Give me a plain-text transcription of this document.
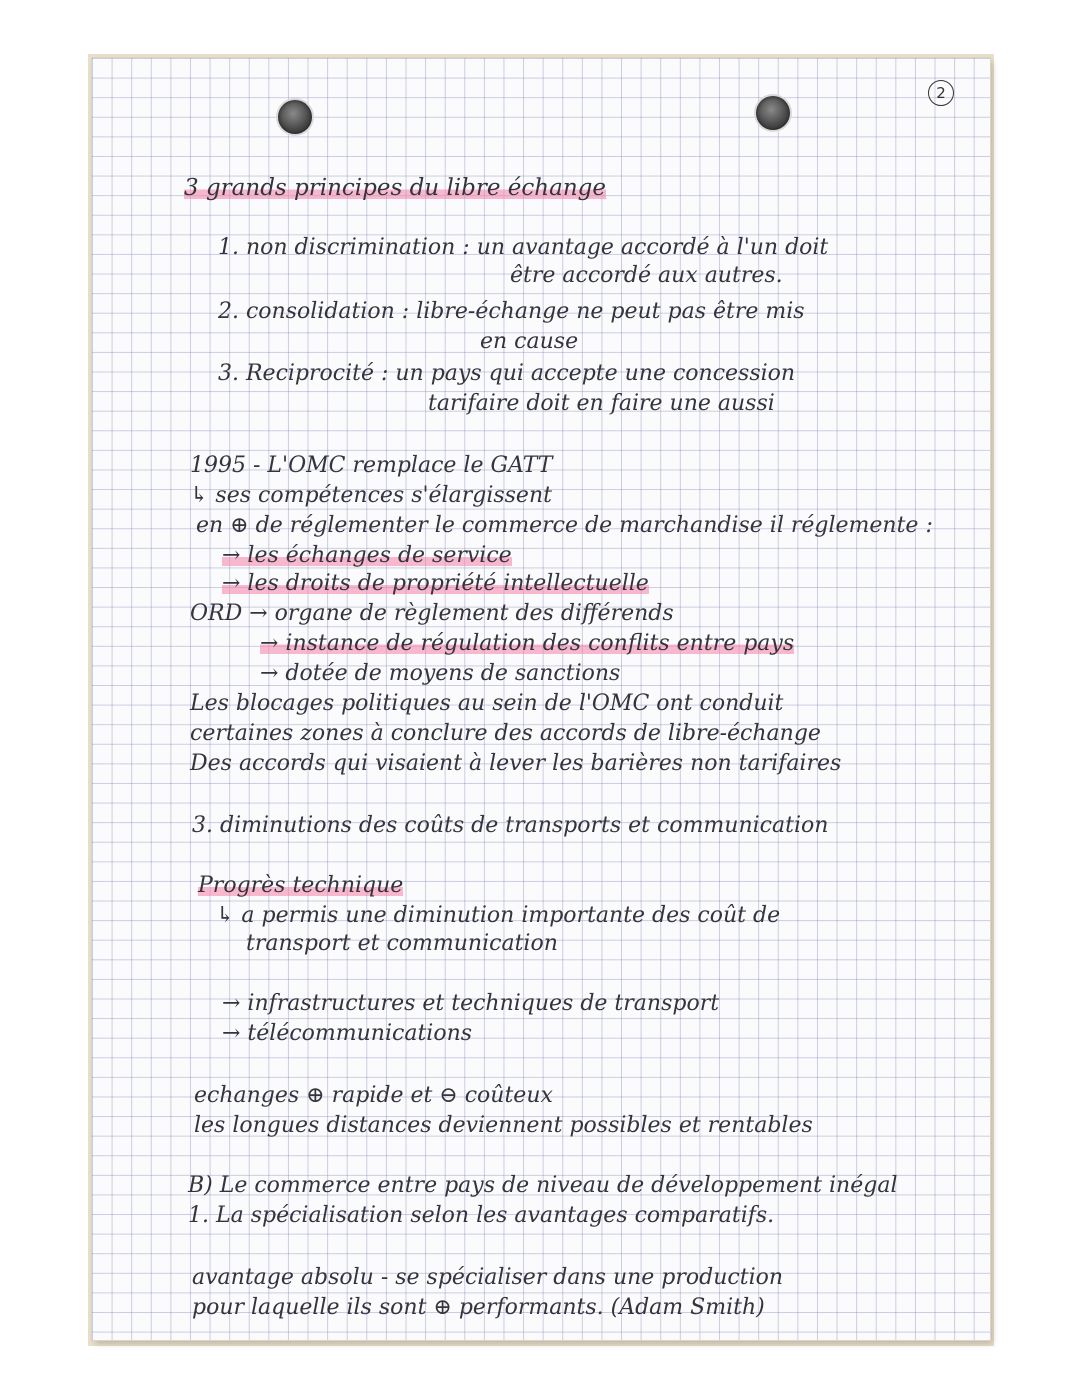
2
3 grands principes du libre échange
1. non discrimination : un avantage accordé à l'un doit
être accordé aux autres.
2. consolidation : libre-échange ne peut pas être mis
en cause
3. Reciprocité : un pays qui accepte une concession
tarifaire doit en faire une aussi
1995 - L'OMC remplace le GATT
↳ ses compétences s'élargissent
en ⊕ de réglementer le commerce de marchandise il réglemente :
→ les échanges de service
→ les droits de propriété intellectuelle
ORD → organe de règlement des différends
→ instance de régulation des conflits entre pays
→ dotée de moyens de sanctions
Les blocages politiques au sein de l'OMC ont conduit
certaines zones à conclure des accords de libre-échange
Des accords qui visaient à lever les barières non tarifaires
3. diminutions des coûts de transports et communication
Progrès technique
↳ a permis une diminution importante des coût de
transport et communication
→ infrastructures et techniques de transport
→ télécommunications
echanges ⊕ rapide et ⊖ coûteux
les longues distances deviennent possibles et rentables
B) Le commerce entre pays de niveau de développement inégal
1. La spécialisation selon les avantages comparatifs.
avantage absolu - se spécialiser dans une production
pour laquelle ils sont ⊕ performants. (Adam Smith)
